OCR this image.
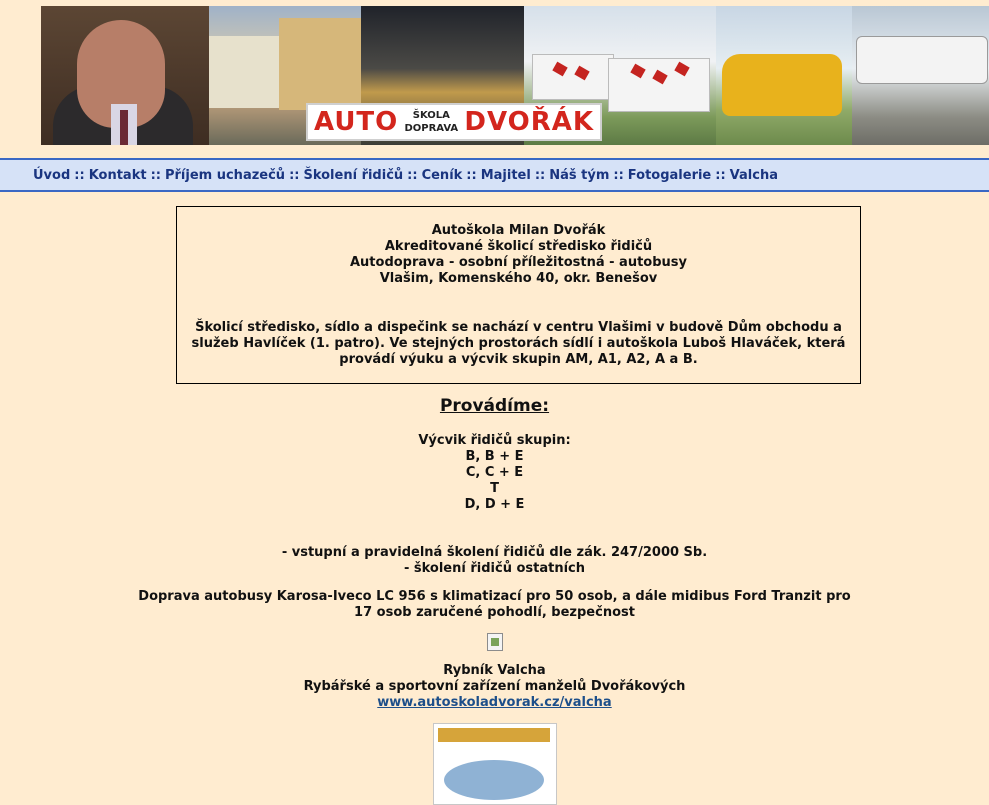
AUTO ŠKOLA
DOPRAVA DVOŘÁK
Úvod :: Kontakt :: Příjem uchazečů :: Školení řidičů :: Ceník :: Majitel :: Náš tým :: Fotogalerie :: Valcha
Autoškola Milan Dvořák
Akreditované školicí středisko řidičů
Autodoprava - osobní příležitostná - autobusy
Vlašim, Komenského 40, okr. Benešov
Školicí středisko, sídlo a dispečink se nachází v centru Vlašimi v budově Dům obchodu a služeb Havlíček (1. patro). Ve stejných prostorách sídlí i autoškola Luboš Hlaváček, která provádí výuku a výcvik skupin AM, A1, A2, A a B.
Provádíme:
Výcvik řidičů skupin:
B, B + E
C, C + E
T
D, D + E
- vstupní a pravidelná školení řidičů dle zák. 247/2000 Sb.
- školení řidičů ostatních
Doprava autobusy Karosa-Iveco LC 956 s klimatizací pro 50 osob, a dále midibus Ford Tranzit pro 17 osob zaručené pohodlí, bezpečnost
Rybník Valcha
Rybářské a sportovní zařízení manželů Dvořákových
www.autoskoladvorak.cz/valcha
